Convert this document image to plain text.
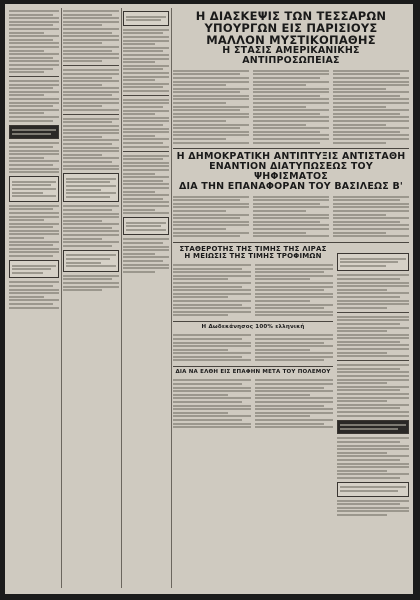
Η ΔΙΑΣΚΕΨΙΣ ΤΩΝ ΤΕΣΣΑΡΩΝ ΥΠΟΥΡΓΩΝ ΕΙΣ ΠΑΡΙΣΙΟΥΣ
ΜΑΛΛΟΝ ΜΥΣΤΙΚΟΠΑΘΗΣ
Η ΣΤΑΣΙΣ ΑΜΕΡΙΚΑΝΙΚΗΣ ΑΝΤΙΠΡΟΣΩΠΕΙΑΣ
Η ΔΗΜΟΚΡΑΤΙΚΗ ΑΝΤΙΠΤΥΞΙΣ ΑΝΤΙΣΤΑΘΗ
ΕΝΑΝΤΙΟΝ ΔΙΑΤΥΠΩΣΕΩΣ ΤΟΥ ΨΗΦΙΣΜΑΤΟΣ
ΔΙΑ ΤΗΝ ΕΠΑΝΑΦΟΡΑΝ ΤΟΥ ΒΑΣΙΛΕΩΣ Β'
ΣΤΑΘΕΡΟΤΗΣ ΤΗΣ ΤΙΜΗΣ ΤΗΣ ΛΙΡΑΣ
Η ΜΕΙΩΣΙΣ ΤΗΣ ΤΙΜΗΣ ΤΡΟΦΙΜΩΝ
Η Δωδεκάνησος 100% ελληνική
ΔΙΑ ΝΑ ΕΛΘΗ ΕΙΣ ΕΠΑΦΗΝ ΜΕΤΑ ΤΟΥ ΠΟΛΕΜΟΥ
